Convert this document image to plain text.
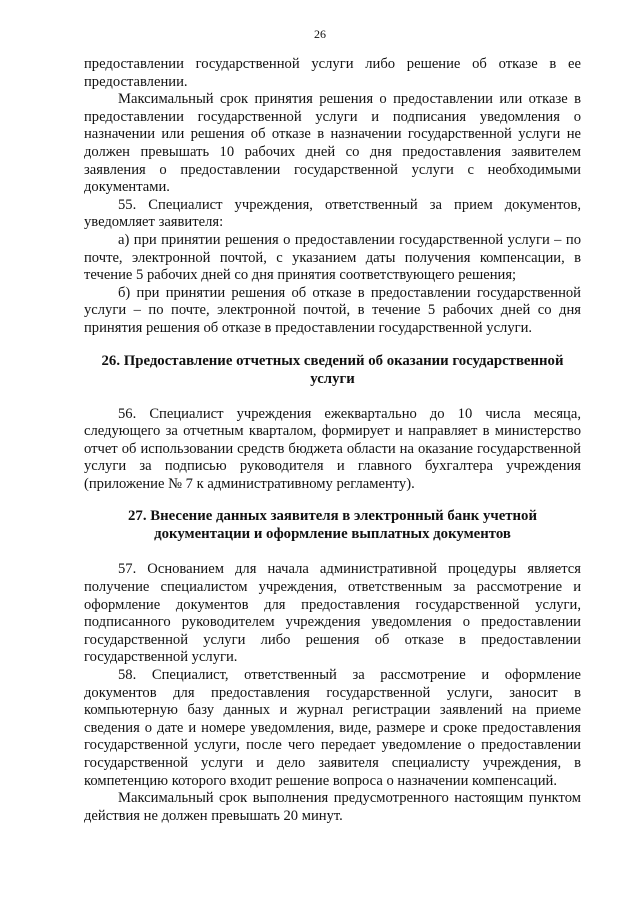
26

предоставлении государственной услуги либо решение об отказе в ее предоставлении.

Максимальный срок принятия решения о предоставлении или отказе в предоставлении государственной услуги и подписания уведомления о назначении или решения об отказе в назначении государственной услуги не должен превышать 10 рабочих дней со дня предоставления заявителем заявления о предоставлении государственной услуги с необходимыми документами.

55. Специалист учреждения, ответственный за прием документов, уведомляет заявителя:

а) при принятии решения о предоставлении государственной услуги – по почте, электронной почтой, с указанием даты получения компенсации, в течение 5 рабочих дней со дня принятия соответствующего решения;

б) при принятии решения об отказе в предоставлении государственной услуги – по почте, электронной почтой, в течение 5 рабочих дней со дня принятия решения об отказе в предоставлении государственной услуги.

26. Предоставление отчетных сведений об оказании государственной услуги

56. Специалист учреждения ежеквартально до 10 числа месяца, следующего за отчетным кварталом, формирует и направляет в министерство отчет об использовании средств бюджета области на оказание государственной услуги за подписью руководителя и главного бухгалтера учреждения (приложение № 7 к административному регламенту).

27. Внесение данных заявителя в электронный банк учетной документации и оформление выплатных документов

57. Основанием для начала административной процедуры является получение специалистом учреждения, ответственным за рассмотрение и оформление документов для предоставления государственной услуги, подписанного руководителем учреждения уведомления о предоставлении государственной услуги либо решения об отказе в предоставлении государственной услуги.

58. Специалист, ответственный за рассмотрение и оформление документов для предоставления государственной услуги, заносит в компьютерную базу данных и журнал регистрации заявлений на приеме сведения о дате и номере уведомления, виде, размере и сроке предоставления государственной услуги, после чего передает уведомление о предоставлении государственной услуги и дело заявителя специалисту учреждения, в компетенцию которого входит решение вопроса о назначении компенсаций.

Максимальный срок выполнения предусмотренного настоящим пунктом действия не должен превышать 20 минут.
